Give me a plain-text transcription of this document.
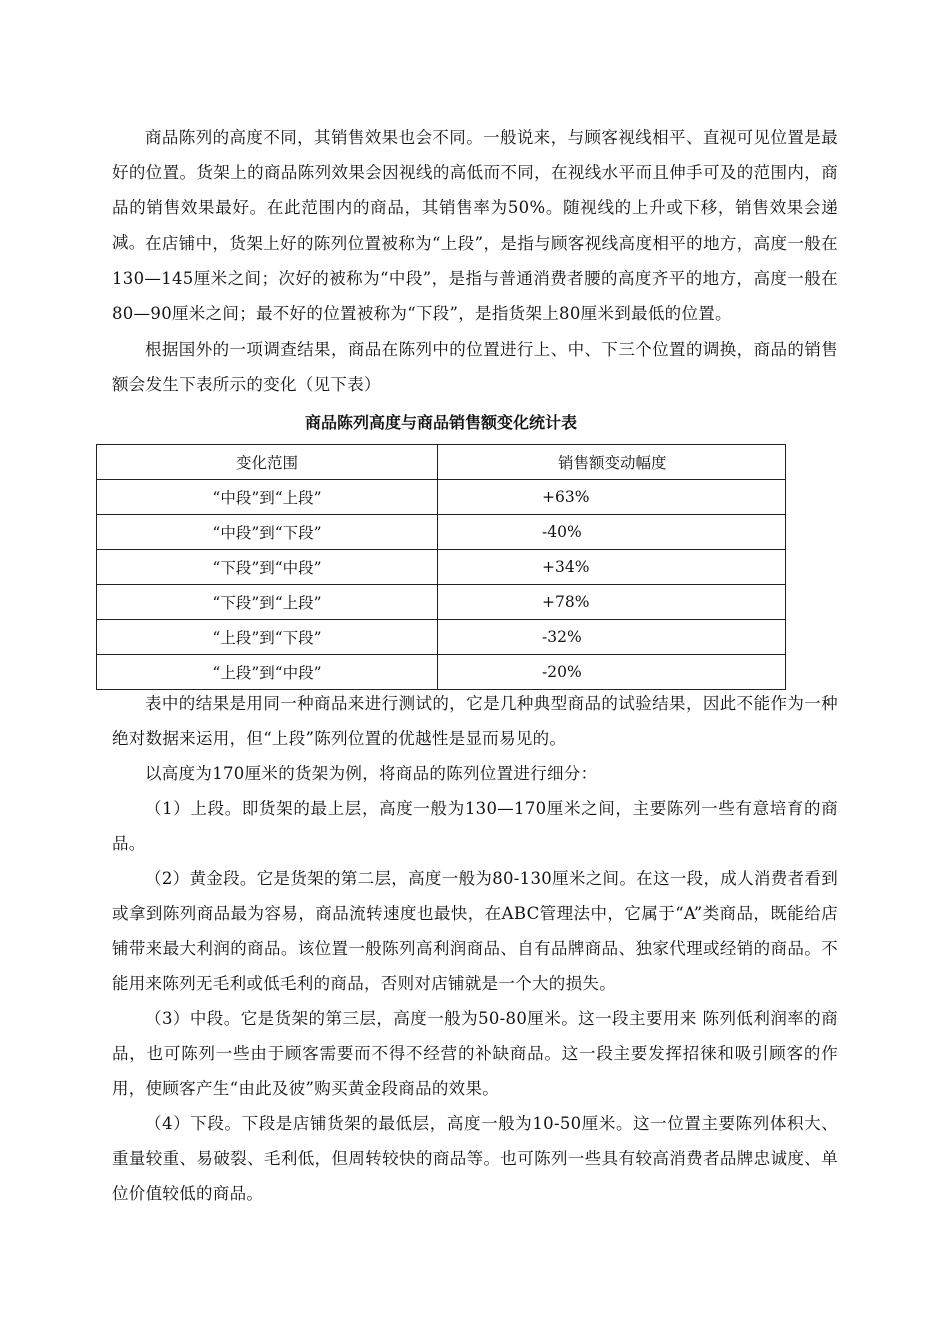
商品陈列的高度不同，其销售效果也会不同。一般说来，与顾客视线相平、直视可见位置是最好的位置。货架上的商品陈列效果会因视线的高低而不同，在视线水平而且伸手可及的范围内，商品的销售效果最好。在此范围内的商品，其销售率为50%。随视线的上升或下移，销售效果会递减。 在店铺中，货架上好的陈列位置被称为“上段”，是指与顾客视线高度相平的地方，高度一般在130—145厘米之间；次好的被称为“中段”，是指与普通消费者腰的高度齐平的地方，高度一般在80—90厘米之间；最不好的位置被称为“下段”，是指货架上80厘米到最低的位置。

根据国外的一项调查结果，商品在陈列中的位置进行上、中、下三个位置的调换，商品的销售额会发生下表所示的变化（见下表）

商品陈列高度与商品销售额变化统计表

变化范围	销售额变动幅度
“中段”到“上段”	+63%
“中段”到“下段”	-40%
“下段”到“中段”	+34%
“下段”到“上段”	+78%
“上段”到“下段”	-32%
“上段”到“中段”	-20%

表中的结果是用同一种商品来进行测试的，它是几种典型商品的试验结果，因此不能作为一种绝对数据来运用，但“上段”陈列位置的优越性是显而易见的。

以高度为170厘米的货架为例，将商品的陈列位置进行细分：

（1）上段。即货架的最上层，高度一般为130—170厘米之间，主要陈列一些有意培育的商品。

（2）黄金段。它是货架的第二层，高度一般为80-130厘米之间。在这一段，成人消费者看到或拿到陈列商品最为容易，商品流转速度也最快，在ABC管理法中，它属于“A”类商品，既能给店铺带来最大利润的商品。该位置一般陈列高利润商品、自有品牌商品、独家代理或经销的商品。不能用来陈列无毛利或低毛利的商品，否则对店铺就是一个大的损失。

（3）中段。它是货架的第三层，高度一般为50-80厘米。这一段主要用来 陈列低利润率的商品，也可陈列一些由于顾客需要而不得不经营的补缺商品。这一段主要发挥招徕和吸引顾客的作用，使顾客产生“由此及彼”购买黄金段商品的效果。

（4）下段。下段是店铺货架的最低层，高度一般为10-50厘米。这一位置主要陈列体积大、重量较重、易破裂、毛利低，但周转较快的商品等。也可陈列一些具有较高消费者品牌忠诚度、单位价值较低的商品。
